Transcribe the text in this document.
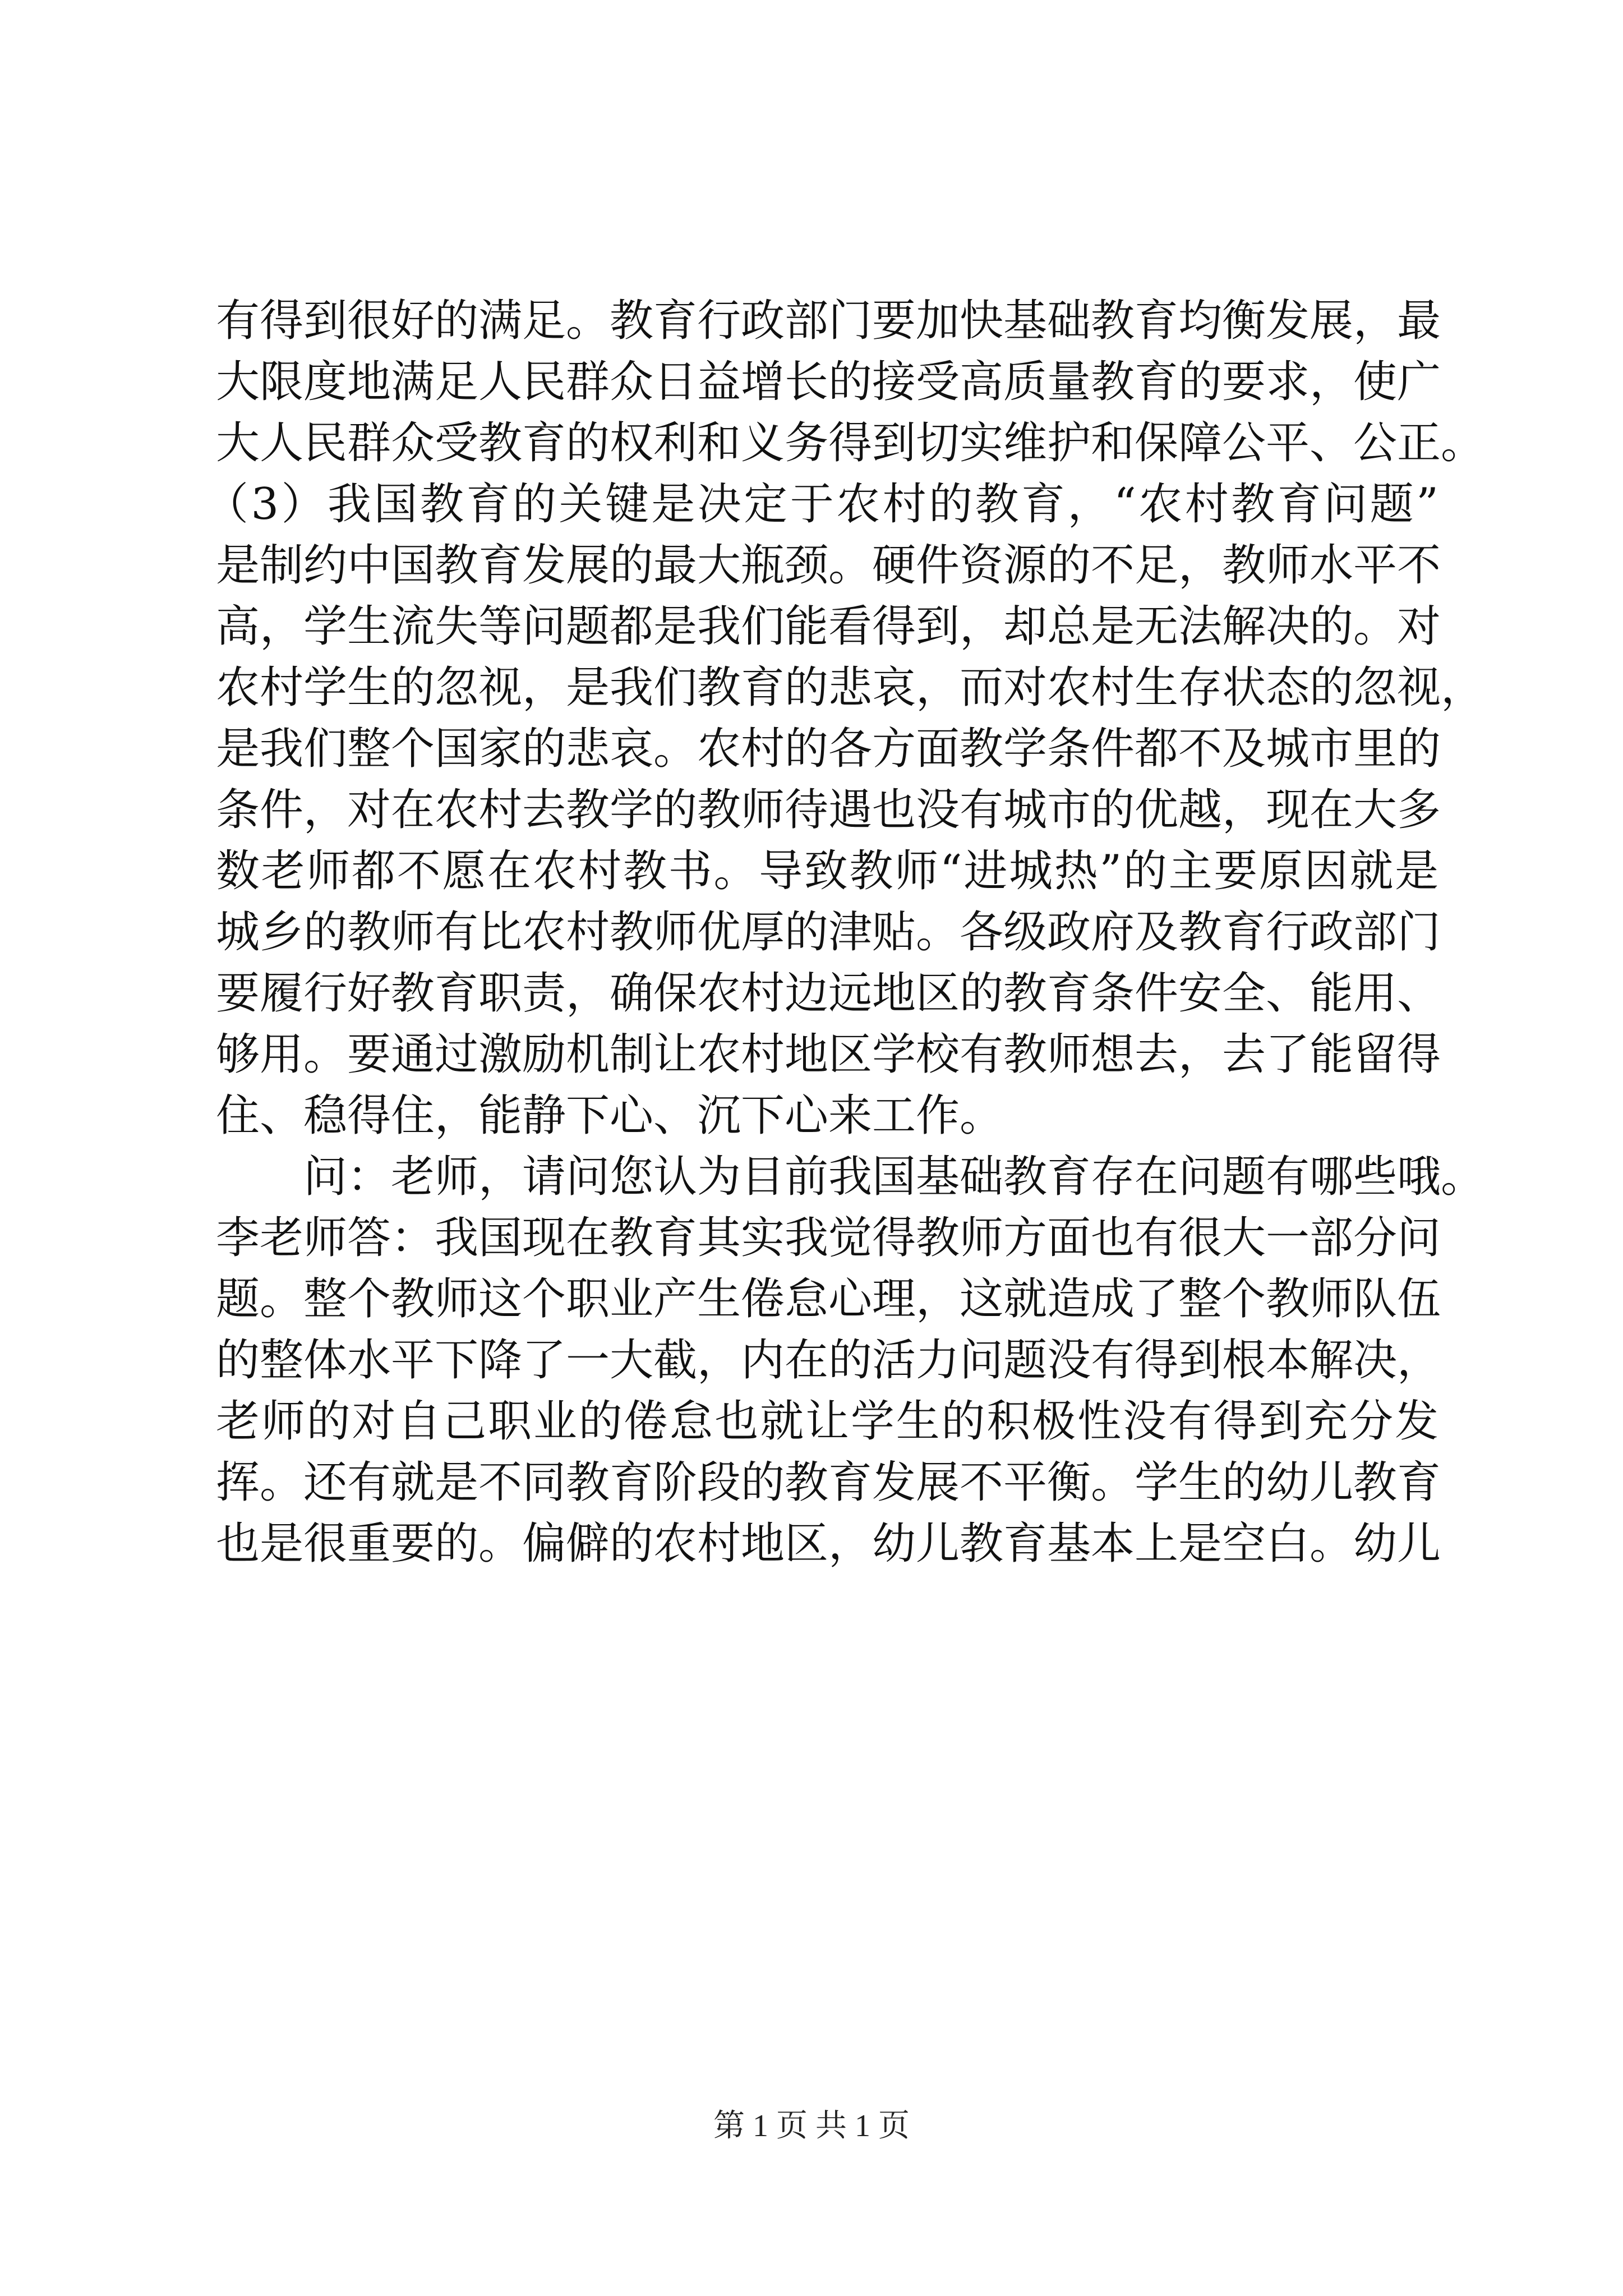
有得到很好的满足。教育行政部门要加快基础教育均衡发展，最
大限度地满足人民群众日益增长的接受高质量教育的要求，使广
大人民群众受教育的权利和义务得到切实维护和保障公平、公正。
（3）我国教育的关键是决定于农村的教育，“农村教育问题”
是制约中国教育发展的最大瓶颈。硬件资源的不足，教师水平不
高，学生流失等问题都是我们能看得到，却总是无法解决的。对
农村学生的忽视，是我们教育的悲哀，而对农村生存状态的忽视，
是我们整个国家的悲哀。农村的各方面教学条件都不及城市里的
条件，对在农村去教学的教师待遇也没有城市的优越，现在大多
数老师都不愿在农村教书。导致教师“进城热”的主要原因就是
城乡的教师有比农村教师优厚的津贴。各级政府及教育行政部门
要履行好教育职责，确保农村边远地区的教育条件安全、能用、
够用。要通过激励机制让农村地区学校有教师想去，去了能留得
住、稳得住，能静下心、沉下心来工作。
问：老师，请问您认为目前我国基础教育存在问题有哪些哦。
李老师答：我国现在教育其实我觉得教师方面也有很大一部分问
题。整个教师这个职业产生倦怠心理，这就造成了整个教师队伍
的整体水平下降了一大截，内在的活力问题没有得到根本解决，
老师的对自己职业的倦怠也就让学生的积极性没有得到充分发
挥。还有就是不同教育阶段的教育发展不平衡。学生的幼儿教育
也是很重要的。偏僻的农村地区，幼儿教育基本上是空白。幼儿
第 1 页 共 1 页
